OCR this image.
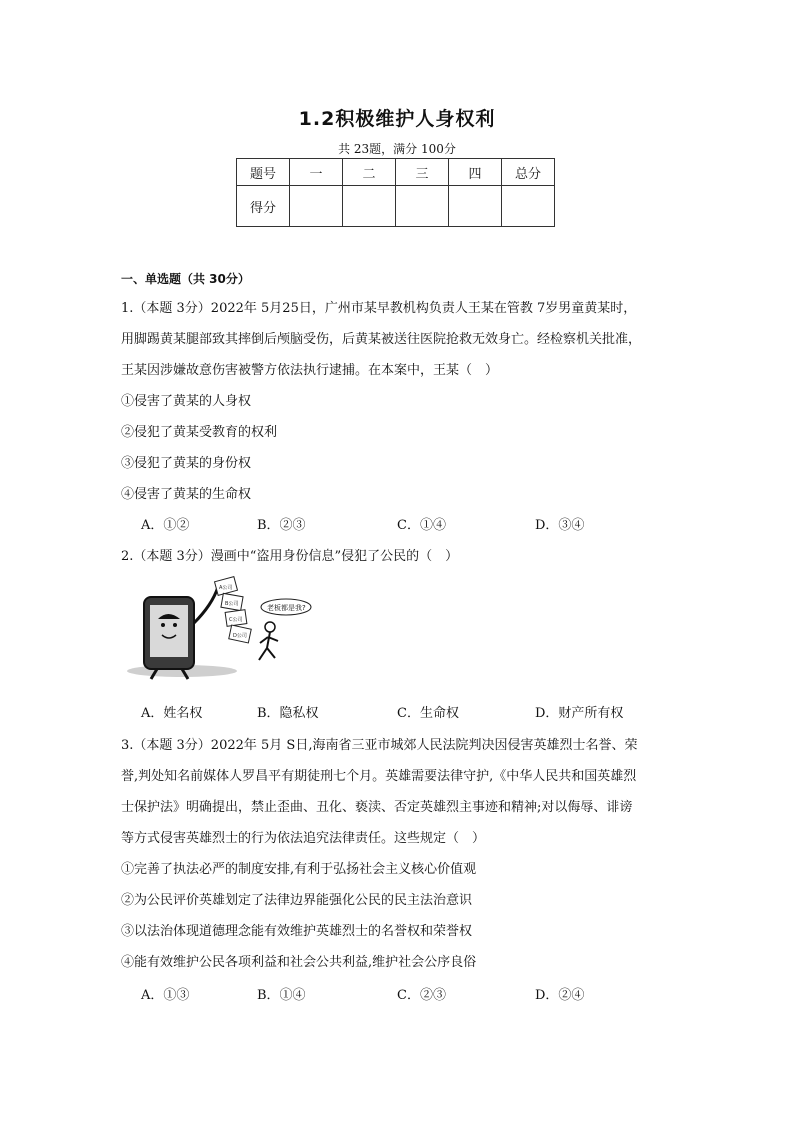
1.2积极维护人身权利
共 23题，满分 100分
题号	一	二	三	四	总分
得分					
一、单选题（共 30分）
1.（本题 3分）2022年 5月25日，广州市某早教机构负责人王某在管教 7岁男童黄某时，
用脚踢黄某腿部致其摔倒后颅脑受伤，后黄某被送往医院抢救无效身亡。经检察机关批准，
王某因涉嫌故意伤害被警方依法执行逮捕。在本案中，王某（　）
①侵害了黄某的人身权
②侵犯了黄某受教育的权利
③侵犯了黄某的身份权
④侵害了黄某的生命权
A．①②	B．②③	C．①④	D．③④
2.（本题 3分）漫画中“盗用身份信息”侵犯了公民的（　）
A公司
B公司
C公司
D公司
老板都是我?
A．姓名权	B．隐私权	C．生命权	D．财产所有权
3.（本题 3分）2022年 5月 S日,海南省三亚市城郊人民法院判决因侵害英雄烈士名誉、荣
誉,判处知名前媒体人罗昌平有期徒刑七个月。英雄需要法律守护,《中华人民共和国英雄烈
士保护法》明确提出，禁止歪曲、丑化、亵渎、否定英雄烈主事迹和精神;对以侮辱、诽谤
等方式侵害英雄烈士的行为依法追究法律责任。这些规定（　）
①完善了执法必严的制度安排,有利于弘扬社会主义核心价值观
②为公民评价英雄划定了法律边界能强化公民的民主法治意识
③以法治体现道德理念能有效维护英雄烈士的名誉权和荣誉权
④能有效维护公民各项利益和社会公共利益,维护社会公序良俗
A．①③	B．①④	C．②③	D．②④
